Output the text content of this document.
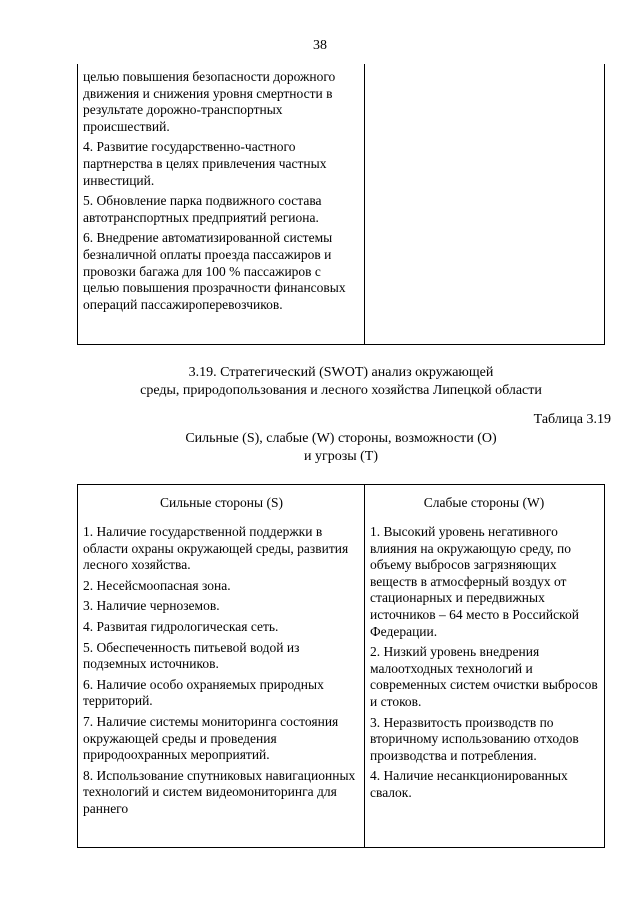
38

целью повышения безопасности дорожного движения и снижения уровня смертности в результате дорожно-транспортных происшествий.

4. Развитие государственно-частного партнерства в целях привлечения частных инвестиций.

5. Обновление парка подвижного состава автотранспортных предприятий региона.

6. Внедрение автоматизированной системы безналичной оплаты проезда пассажиров и провозки багажа для 100 % пассажиров с целью повышения прозрачности финансовых операций пассажироперевозчиков.

3.19. Стратегический (SWOT) анализ окружающей
среды, природопользования и лесного хозяйства Липецкой области
Таблица 3.19
Сильные (S), слабые (W) стороны, возможности (O)
и угрозы (T)
Сильные стороны (S)

1. Наличие государственной поддержки в области охраны окружающей среды, развития лесного хозяйства.

2. Несейсмоопасная зона.

3. Наличие черноземов.

4. Развитая гидрологическая сеть.

5. Обеспеченность питьевой водой из подземных источников.

6. Наличие особо охраняемых природных территорий.

7. Наличие системы мониторинга состояния окружающей среды и проведения природоохранных мероприятий.

8. Использование спутниковых навигационных технологий и систем видеомониторинга для раннего

Слабые стороны (W)

1. Высокий уровень негативного влияния на окружающую среду, по объему выбросов загрязняющих веществ в атмосферный воздух от стационарных и передвижных источников – 64 место в Российской Федерации.

2. Низкий уровень внедрения малоотходных технологий и современных систем очистки выбросов и стоков.

3. Неразвитость производств по вторичному использованию отходов производства и потребления.

4. Наличие несанкционированных свалок.
